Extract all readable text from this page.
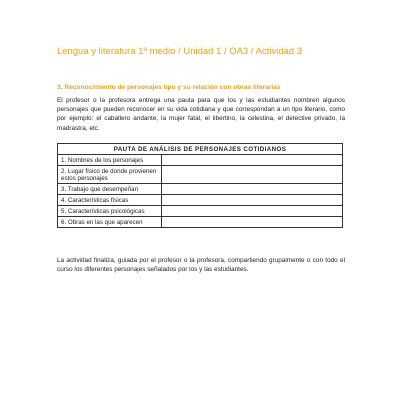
Lengua y literatura 1º medio / Unidad 1 / OA3 / Actividad 3
3. Reconocimiento de personajes tipo y su relación con obras literarias
El profesor o la profesora entrega una pauta para que los y las estudiantes nombren algunos personajes que pueden reconocer en su vida cotidiana y que correspondan a un tipo literario, como por ejemplo: el caballero andante, la mujer fatal, el libertino, la celestina, el detective privado, la madrastra, etc.
PAUTA DE ANÁLISIS DE PERSONAJES COTIDIANOS	
1. Nombres de los personajes	
2. Lugar físico de donde provienen estos personajes	
3. Trabajo que desempeñan	
4. Características físicas	
5. Características psicológicas	
6. Obras en las que aparecen	
La actividad finaliza, guiada por el profesor o la profesora, compartiendo grupalmente o con todo el curso los diferentes personajes señalados por los y las estudiantes.
